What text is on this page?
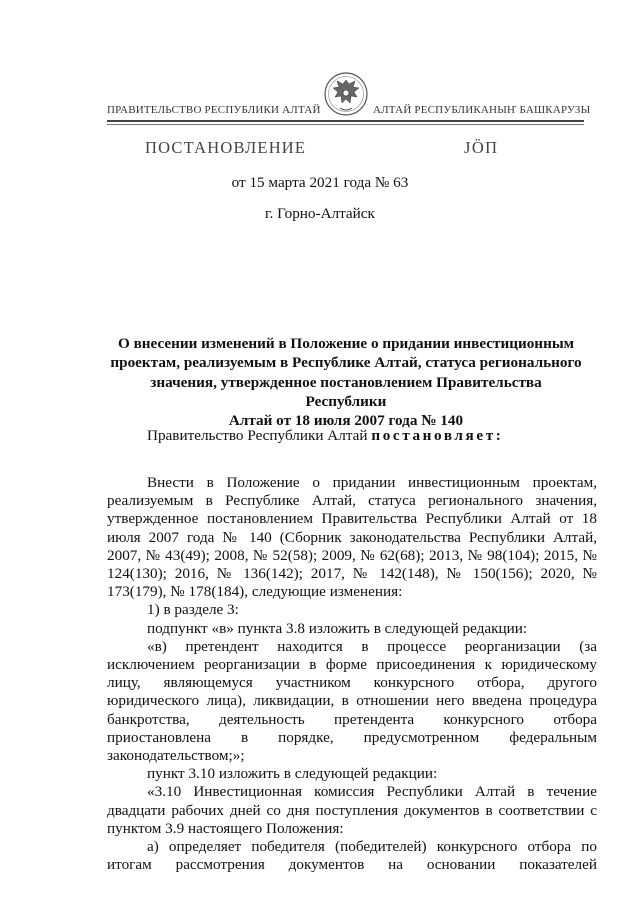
ПРАВИТЕЛЬСТВО РЕСПУБЛИКИ АЛТАЙ	АЛТАЙ РЕСПУБЛИКАНЫҤ БАШКАРУЗЫ
ПОСТАНОВЛЕНИЕ	ЈӦП
от 15 марта 2021 года № 63
г. Горно-Алтайск
О внесении изменений в Положение о придании инвестиционным
проектам, реализуемым в Республике Алтай, статуса регионального
значения, утвержденное постановлением Правительства Республики
Алтай от 18 июля 2007 года № 140
Правительство Республики Алтай постановляет:

Внести в Положение о придании инвестиционным проектам, реализуемым в Республике Алтай, статуса регионального значения, утвержденное постановлением Правительства Республики Алтай от 18 июля 2007 года № 140 (Сборник законодательства Республики Алтай, 2007, № 43(49); 2008, № 52(58); 2009, № 62(68); 2013, № 98(104); 2015, № 124(130); 2016, № 136(142); 2017, № 142(148), № 150(156); 2020, № 173(179), № 178(184), следующие изменения:

1) в разделе 3:

подпункт «в» пункта 3.8 изложить в следующей редакции:

«в) претендент находится в процессе реорганизации (за исключением реорганизации в форме присоединения к юридическому лицу, являющемуся участником конкурсного отбора, другого юридического лица), ликвидации, в отношении него введена процедура банкротства, деятельность претендента конкурсного отбора приостановлена в порядке, предусмотренном федеральным законодательством;»;

пункт 3.10 изложить в следующей редакции:

«3.10 Инвестиционная комиссия Республики Алтай в течение двадцати рабочих дней со дня поступления документов в соответствии с пунктом 3.9 настоящего Положения:

а) определяет победителя (победителей) конкурсного отбора по итогам рассмотрения документов на основании показателей
